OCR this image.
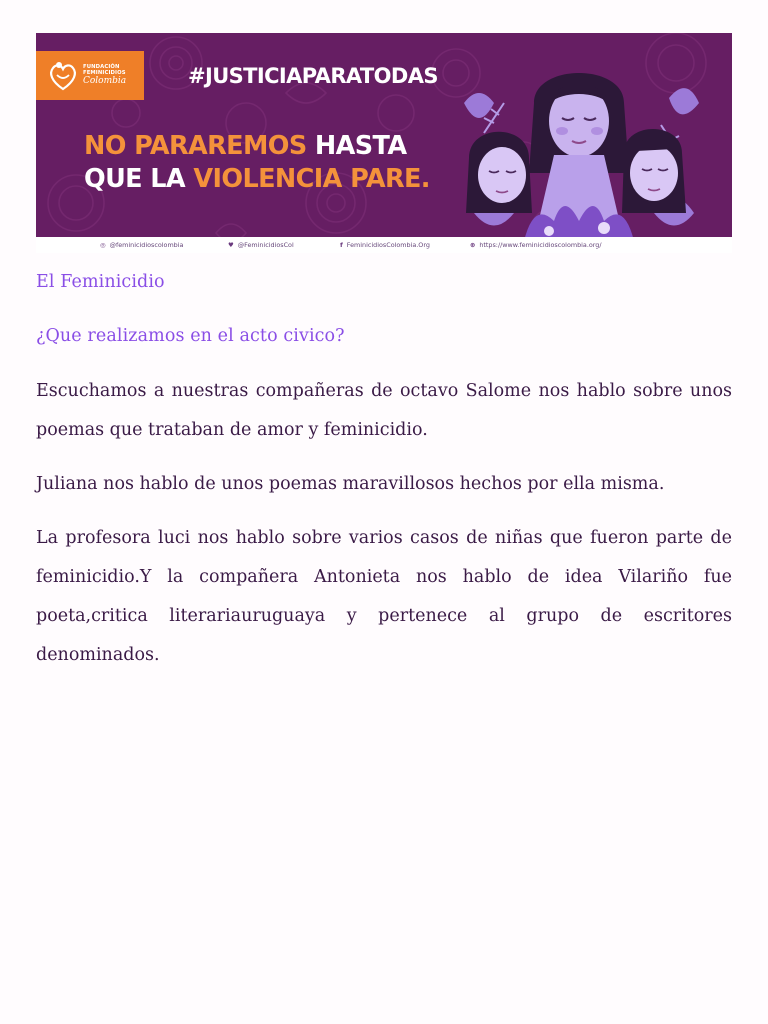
FUNDACIÓN
FEMINICIDIOS
Colombia	#JUSTICIAPARATODAS
NO PARAREMOS HASTA
QUE LA VIOLENCIA PARE.
◎ @feminicidioscolombia	♥ @FeminicidiosCol	f FeminicidiosColombia.Org	⊕ https://www.feminicidioscolombia.org/
El Feminicidio
¿Que realizamos en el acto civico?

Escuchamos a nuestras compañeras de octavo Salome nos hablo sobre unos poemas que trataban de amor y feminicidio.

Juliana nos hablo de unos poemas maravillosos hechos por ella misma.

La profesora luci nos hablo sobre varios casos de niñas que fueron parte de feminicidio.Y la compañera Antonieta nos hablo de idea Vilariño fue poeta,critica literariauruguaya y pertenece al grupo de escritores denominados.
